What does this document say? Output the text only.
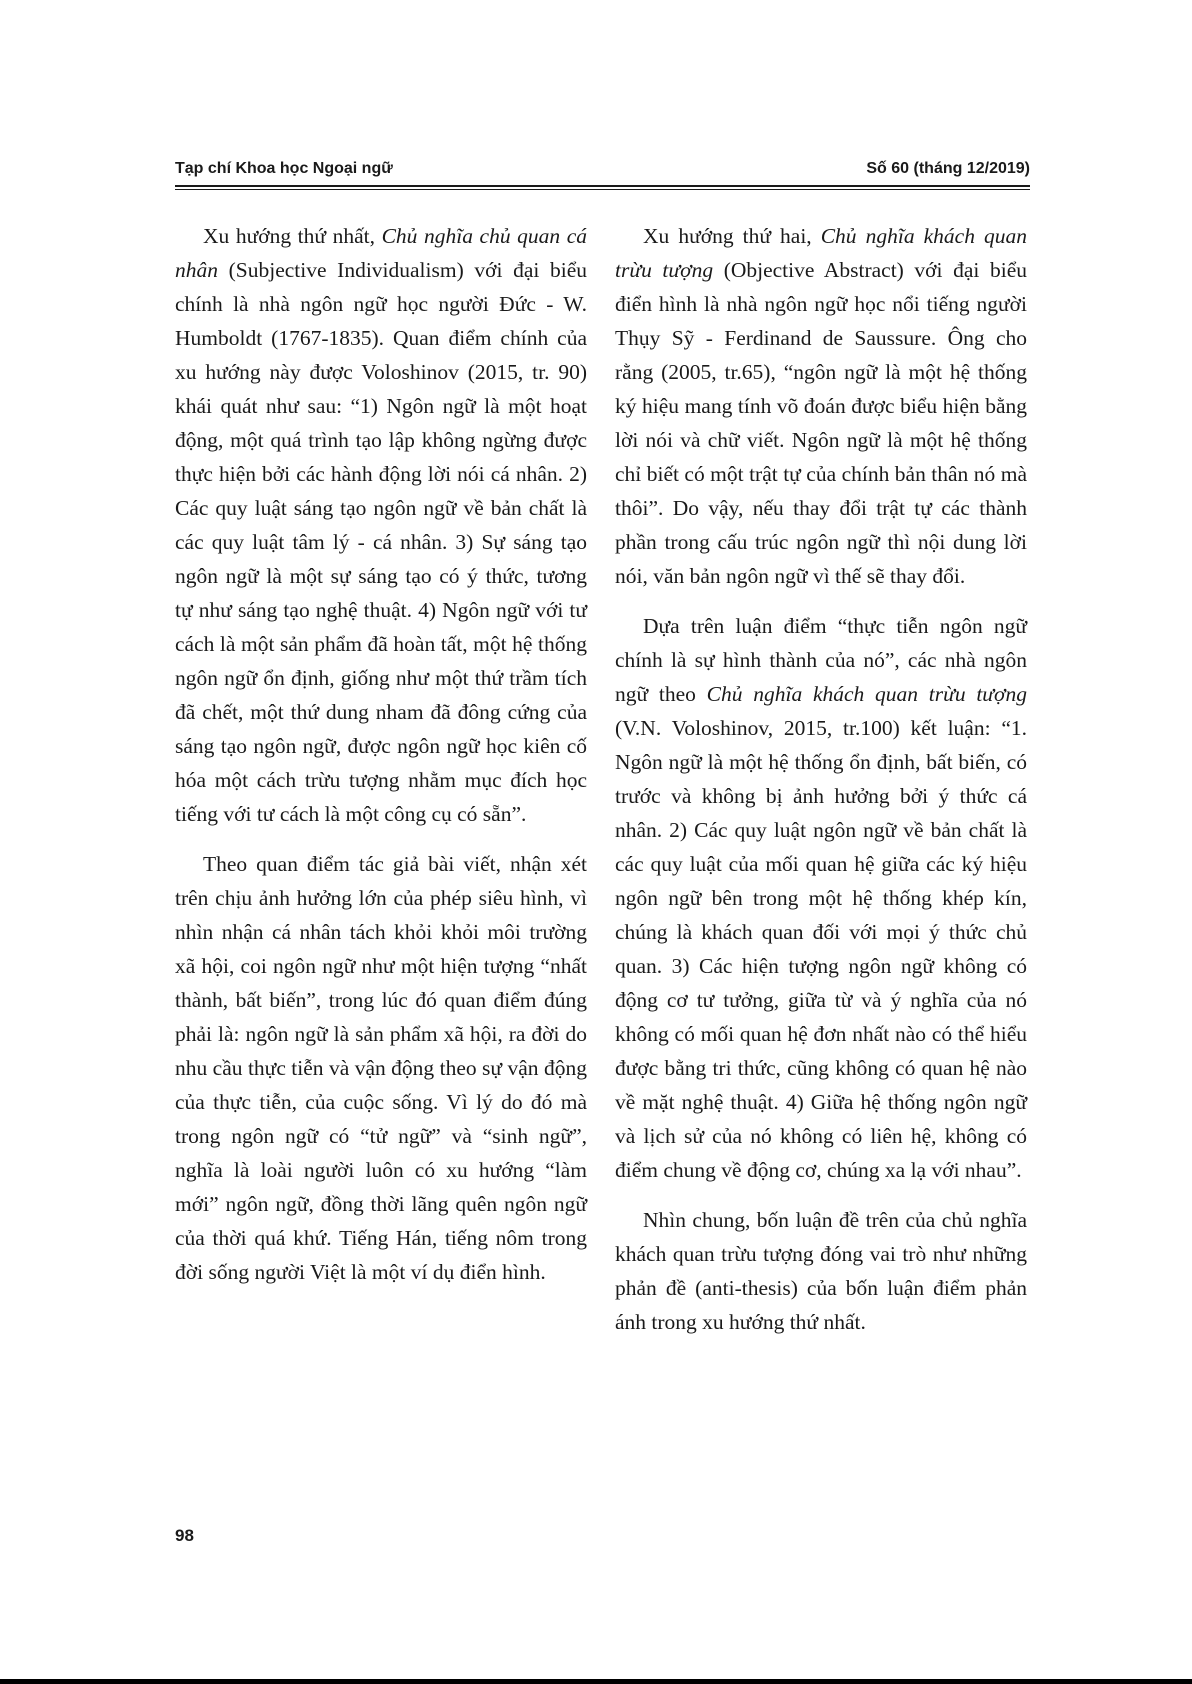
Tạp chí Khoa học Ngoại ngữ	Số 60 (tháng 12/2019)

Xu hướng thứ nhất, Chủ nghĩa chủ quan cá nhân (Subjective Individualism) với đại biểu chính là nhà ngôn ngữ học người Đức - W. Humboldt (1767-1835). Quan điểm chính của xu hướng này được Voloshinov (2015, tr. 90) khái quát như sau: “1) Ngôn ngữ là một hoạt động, một quá trình tạo lập không ngừng được thực hiện bởi các hành động lời nói cá nhân. 2) Các quy luật sáng tạo ngôn ngữ về bản chất là các quy luật tâm lý - cá nhân. 3) Sự sáng tạo ngôn ngữ là một sự sáng tạo có ý thức, tương tự như sáng tạo nghệ thuật. 4) Ngôn ngữ với tư cách là một sản phẩm đã hoàn tất, một hệ thống ngôn ngữ ổn định, giống như một thứ trầm tích đã chết, một thứ dung nham đã đông cứng của sáng tạo ngôn ngữ, được ngôn ngữ học kiên cố hóa một cách trừu tượng nhằm mục đích học tiếng với tư cách là một công cụ có sẵn”.

Theo quan điểm tác giả bài viết, nhận xét trên chịu ảnh hưởng lớn của phép siêu hình, vì nhìn nhận cá nhân tách khỏi khỏi môi trường xã hội, coi ngôn ngữ như một hiện tượng “nhất thành, bất biến”, trong lúc đó quan điểm đúng phải là: ngôn ngữ là sản phẩm xã hội, ra đời do nhu cầu thực tiễn và vận động theo sự vận động của thực tiễn, của cuộc sống. Vì lý do đó mà trong ngôn ngữ có “tử ngữ” và “sinh ngữ”, nghĩa là loài người luôn có xu hướng “làm mới” ngôn ngữ, đồng thời lãng quên ngôn ngữ của thời quá khứ. Tiếng Hán, tiếng nôm trong đời sống người Việt là một ví dụ điển hình.

Xu hướng thứ hai, Chủ nghĩa khách quan trừu tượng (Objective Abstract) với đại biểu điển hình là nhà ngôn ngữ học nổi tiếng người Thụy Sỹ - Ferdinand de Saussure. Ông cho rằng (2005, tr.65), “ngôn ngữ là một hệ thống ký hiệu mang tính võ đoán được biểu hiện bằng lời nói và chữ viết. Ngôn ngữ là một hệ thống chỉ biết có một trật tự của chính bản thân nó mà thôi”. Do vậy, nếu thay đổi trật tự các thành phần trong cấu trúc ngôn ngữ thì nội dung lời nói, văn bản ngôn ngữ vì thế sẽ thay đổi.

Dựa trên luận điểm “thực tiễn ngôn ngữ chính là sự hình thành của nó”, các nhà ngôn ngữ theo Chủ nghĩa khách quan trừu tượng (V.N. Voloshinov, 2015, tr.100) kết luận: “1. Ngôn ngữ là một hệ thống ổn định, bất biến, có trước và không bị ảnh hưởng bởi ý thức cá nhân. 2) Các quy luật ngôn ngữ về bản chất là các quy luật của mối quan hệ giữa các ký hiệu ngôn ngữ bên trong một hệ thống khép kín, chúng là khách quan đối với mọi ý thức chủ quan. 3) Các hiện tượng ngôn ngữ không có động cơ tư tưởng, giữa từ và ý nghĩa của nó không có mối quan hệ đơn nhất nào có thể hiểu được bằng tri thức, cũng không có quan hệ nào về mặt nghệ thuật. 4) Giữa hệ thống ngôn ngữ và lịch sử của nó không có liên hệ, không có điểm chung về động cơ, chúng xa lạ với nhau”.

Nhìn chung, bốn luận đề trên của chủ nghĩa khách quan trừu tượng đóng vai trò như những phản đề (anti-thesis) của bốn luận điểm phản ánh trong xu hướng thứ nhất.

98
